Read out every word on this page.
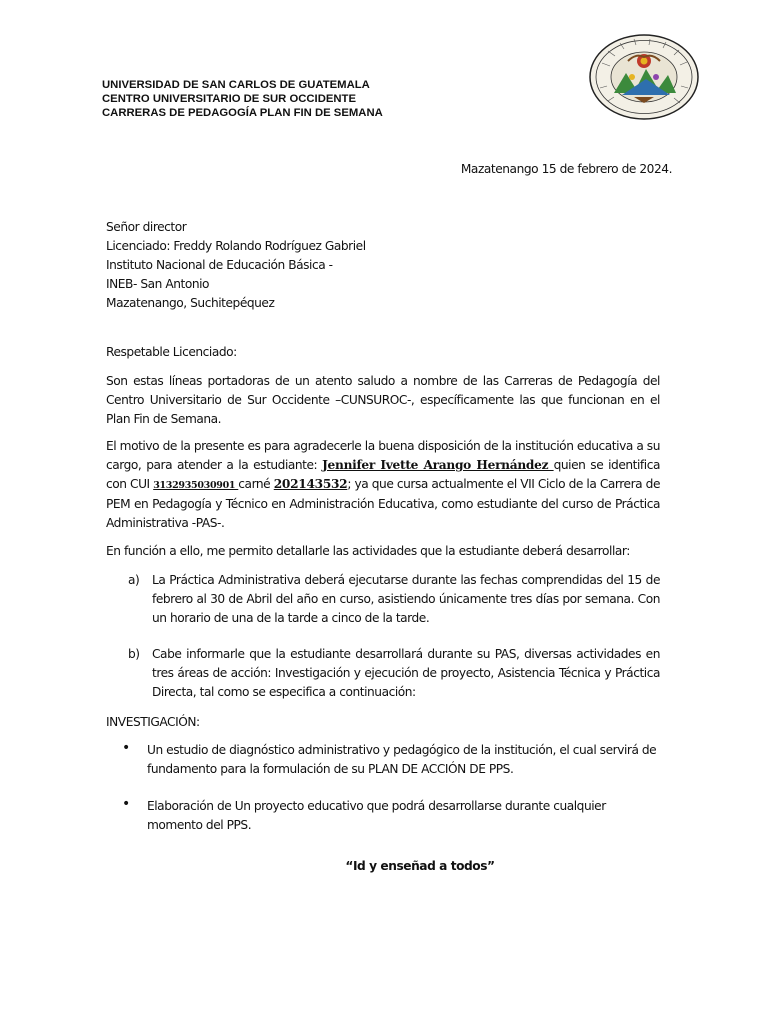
UNIVERSIDAD DE SAN CARLOS DE GUATEMALA
CENTRO UNIVERSITARIO DE SUR OCCIDENTE
CARRERAS DE PEDAGOGÍA PLAN FIN DE SEMANA
Mazatenango 15 de febrero de 2024.
Señor director
Licenciado: Freddy Rolando Rodríguez Gabriel
Instituto Nacional de Educación Básica -
INEB- San Antonio
Mazatenango, Suchitepéquez
Respetable Licenciado:
Son estas líneas portadoras de un atento saludo a nombre de las Carreras de Pedagogía del Centro Universitario de Sur Occidente –CUNSUROC-, específicamente las que funcionan en el Plan Fin de Semana.
El motivo de la presente es para agradecerle la buena disposición de la institución educativa a su cargo, para atender a la estudiante: Jennifer Ivette Arango Hernández quien se identifica con CUI 3132935030901 carné 202143532; ya que cursa actualmente el VII Ciclo de la Carrera de PEM en Pedagogía y Técnico en Administración Educativa, como estudiante del curso de Práctica Administrativa -PAS-.
En función a ello, me permito detallarle las actividades que la estudiante deberá desarrollar:
a) La Práctica Administrativa deberá ejecutarse durante las fechas comprendidas del 15 de febrero al 30 de Abril del año en curso, asistiendo únicamente tres días por semana. Con un horario de una de la tarde a cinco de la tarde.
b) Cabe informarle que la estudiante desarrollará durante su PAS, diversas actividades en tres áreas de acción: Investigación y ejecución de proyecto, Asistencia Técnica y Práctica Directa, tal como se especifica a continuación:
INVESTIGACIÓN:
• Un estudio de diagnóstico administrativo y pedagógico de la institución, el cual servirá de fundamento para la formulación de su PLAN DE ACCIÓN DE PPS.
• Elaboración de Un proyecto educativo que podrá desarrollarse durante cualquier momento del PPS.
“Id y enseñad a todos”
